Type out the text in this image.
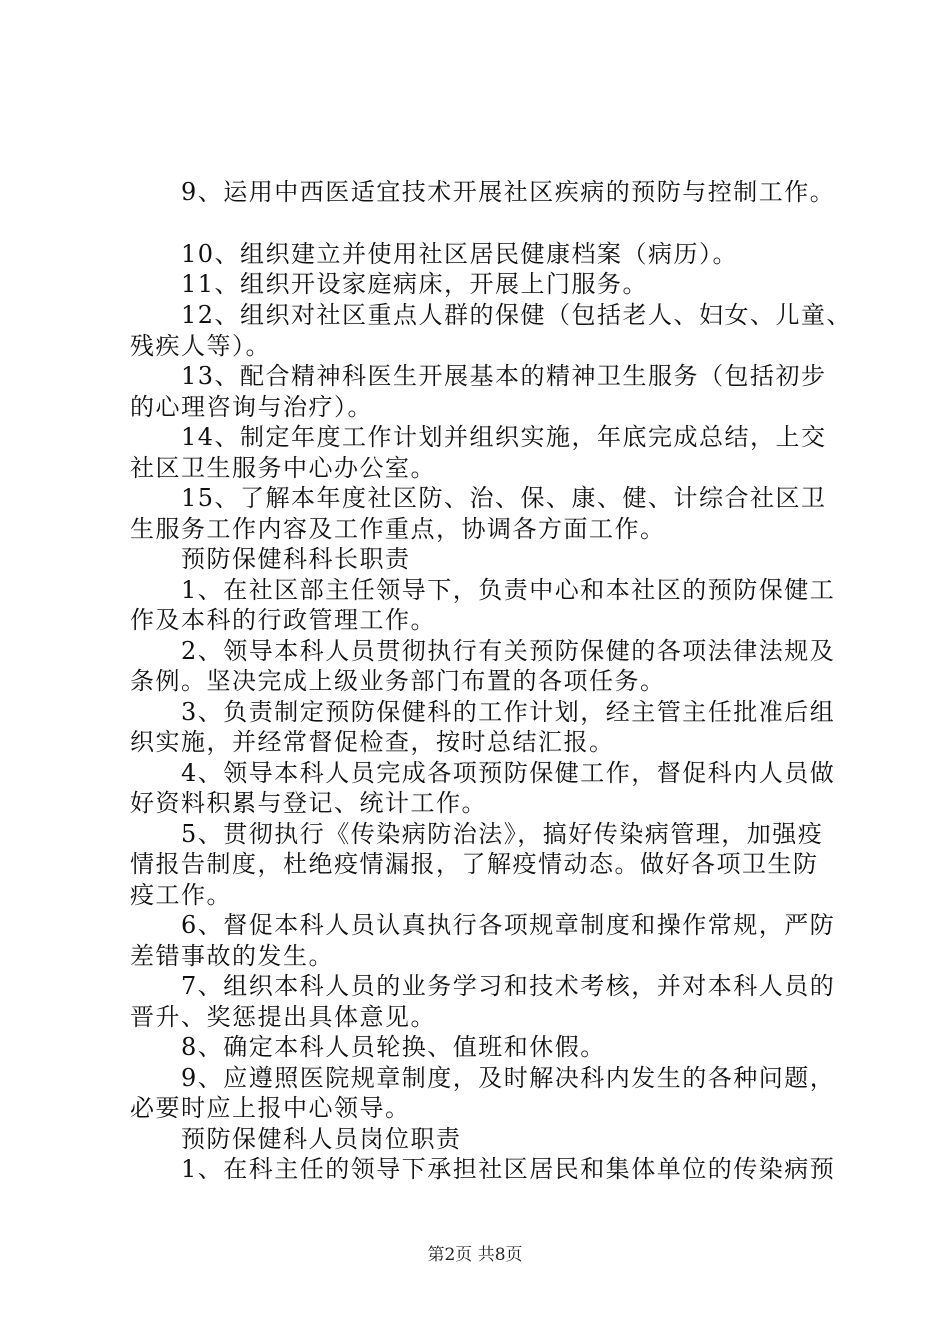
　　9、运用中西医适宜技术开展社区疾病的预防与控制工作。
　　10、组织建立并使用社区居民健康档案（病历）。
　　11、组织开设家庭病床，开展上门服务。
　　12、组织对社区重点人群的保健（包括老人、妇女、儿童、
残疾人等）。
　　13、配合精神科医生开展基本的精神卫生服务（包括初步
的心理咨询与治疗）。
　　14、制定年度工作计划并组织实施，年底完成总结，上交
社区卫生服务中心办公室。
　　15、了解本年度社区防、治、保、康、健、计综合社区卫
生服务工作内容及工作重点，协调各方面工作。
　　预防保健科科长职责
　　1、在社区部主任领导下，负责中心和本社区的预防保健工
作及本科的行政管理工作。
　　2、领导本科人员贯彻执行有关预防保健的各项法律法规及
条例。坚决完成上级业务部门布置的各项任务。
　　3、负责制定预防保健科的工作计划，经主管主任批准后组
织实施，并经常督促检查，按时总结汇报。
　　4、领导本科人员完成各项预防保健工作，督促科内人员做
好资料积累与登记、统计工作。
　　5、贯彻执行《传染病防治法》，搞好传染病管理，加强疫
情报告制度，杜绝疫情漏报，了解疫情动态。做好各项卫生防
疫工作。
　　6、督促本科人员认真执行各项规章制度和操作常规，严防
差错事故的发生。
　　7、组织本科人员的业务学习和技术考核，并对本科人员的
晋升、奖惩提出具体意见。
　　8、确定本科人员轮换、值班和休假。
　　9、应遵照医院规章制度，及时解决科内发生的各种问题，
必要时应上报中心领导。
　　预防保健科人员岗位职责
　　1、在科主任的领导下承担社区居民和集体单位的传染病预
第2页 共8页
